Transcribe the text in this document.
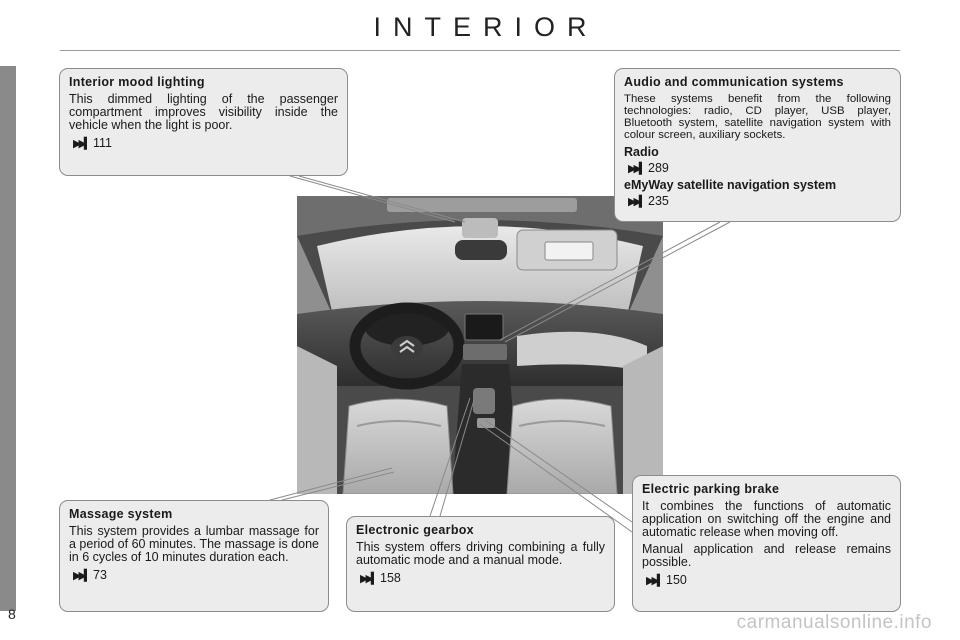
INTERIOR
Interior mood lighting

This dimmed lighting of the passenger compartment improves visibility inside the vehicle when the light is poor.

▶▶▍ 111
Audio and communication systems

These systems benefit from the following technologies: radio, CD player, USB player, Bluetooth system, satellite navigation system with colour screen, auxiliary sockets.

Radio
▶▶▍ 289
eMyWay satellite navigation system
▶▶▍ 235
Massage system

This system provides a lumbar massage for a period of 60 minutes. The massage is done in 6 cycles of 10 minutes duration each.

▶▶▍ 73
Electronic gearbox

This system offers driving combining a fully automatic mode and a manual mode.

▶▶▍ 158
Electric parking brake

It combines the functions of automatic application on switching off the engine and automatic release when moving off.

Manual application and release remains possible.

▶▶▍ 150
8	carmanualsonline.info
